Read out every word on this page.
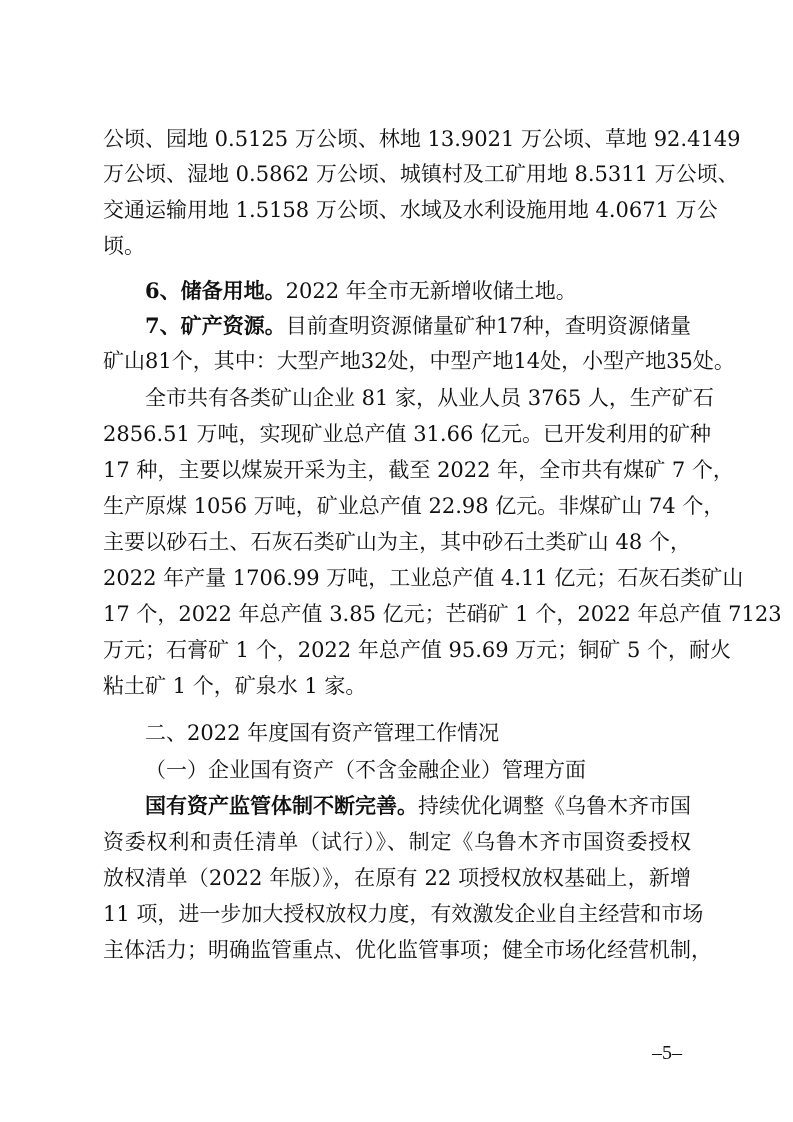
公顷、园地 0.5125 万公顷、林地 13.9021 万公顷、草地 92.4149
万公顷、湿地 0.5862 万公顷、城镇村及工矿用地 8.5311 万公顷、
交通运输用地 1.5158 万公顷、水域及水利设施用地 4.0671 万公
顷。
6、储备用地。2022 年全市无新增收储土地。
7、矿产资源。目前查明资源储量矿种17种，查明资源储量
矿山81个，其中：大型产地32处，中型产地14处，小型产地35处。
全市共有各类矿山企业 81 家，从业人员 3765 人，生产矿石
2856.51 万吨，实现矿业总产值 31.66 亿元。已开发利用的矿种
17 种，主要以煤炭开采为主，截至 2022 年，全市共有煤矿 7 个，
生产原煤 1056 万吨，矿业总产值 22.98 亿元。非煤矿山 74 个，
主要以砂石土、石灰石类矿山为主，其中砂石土类矿山 48 个，
2022 年产量 1706.99 万吨，工业总产值 4.11 亿元；石灰石类矿山
17 个，2022 年总产值 3.85 亿元；芒硝矿 1 个，2022 年总产值 7123
万元；石膏矿 1 个，2022 年总产值 95.69 万元；铜矿 5 个，耐火
粘土矿 1 个，矿泉水 1 家。
二、2022 年度国有资产管理工作情况
（一）企业国有资产（不含金融企业）管理方面
国有资产监管体制不断完善。持续优化调整《乌鲁木齐市国
资委权利和责任清单（试行）》、制定《乌鲁木齐市国资委授权
放权清单（2022 年版）》，在原有 22 项授权放权基础上，新增
11 项，进一步加大授权放权力度，有效激发企业自主经营和市场
主体活力；明确监管重点、优化监管事项；健全市场化经营机制，
–5–
